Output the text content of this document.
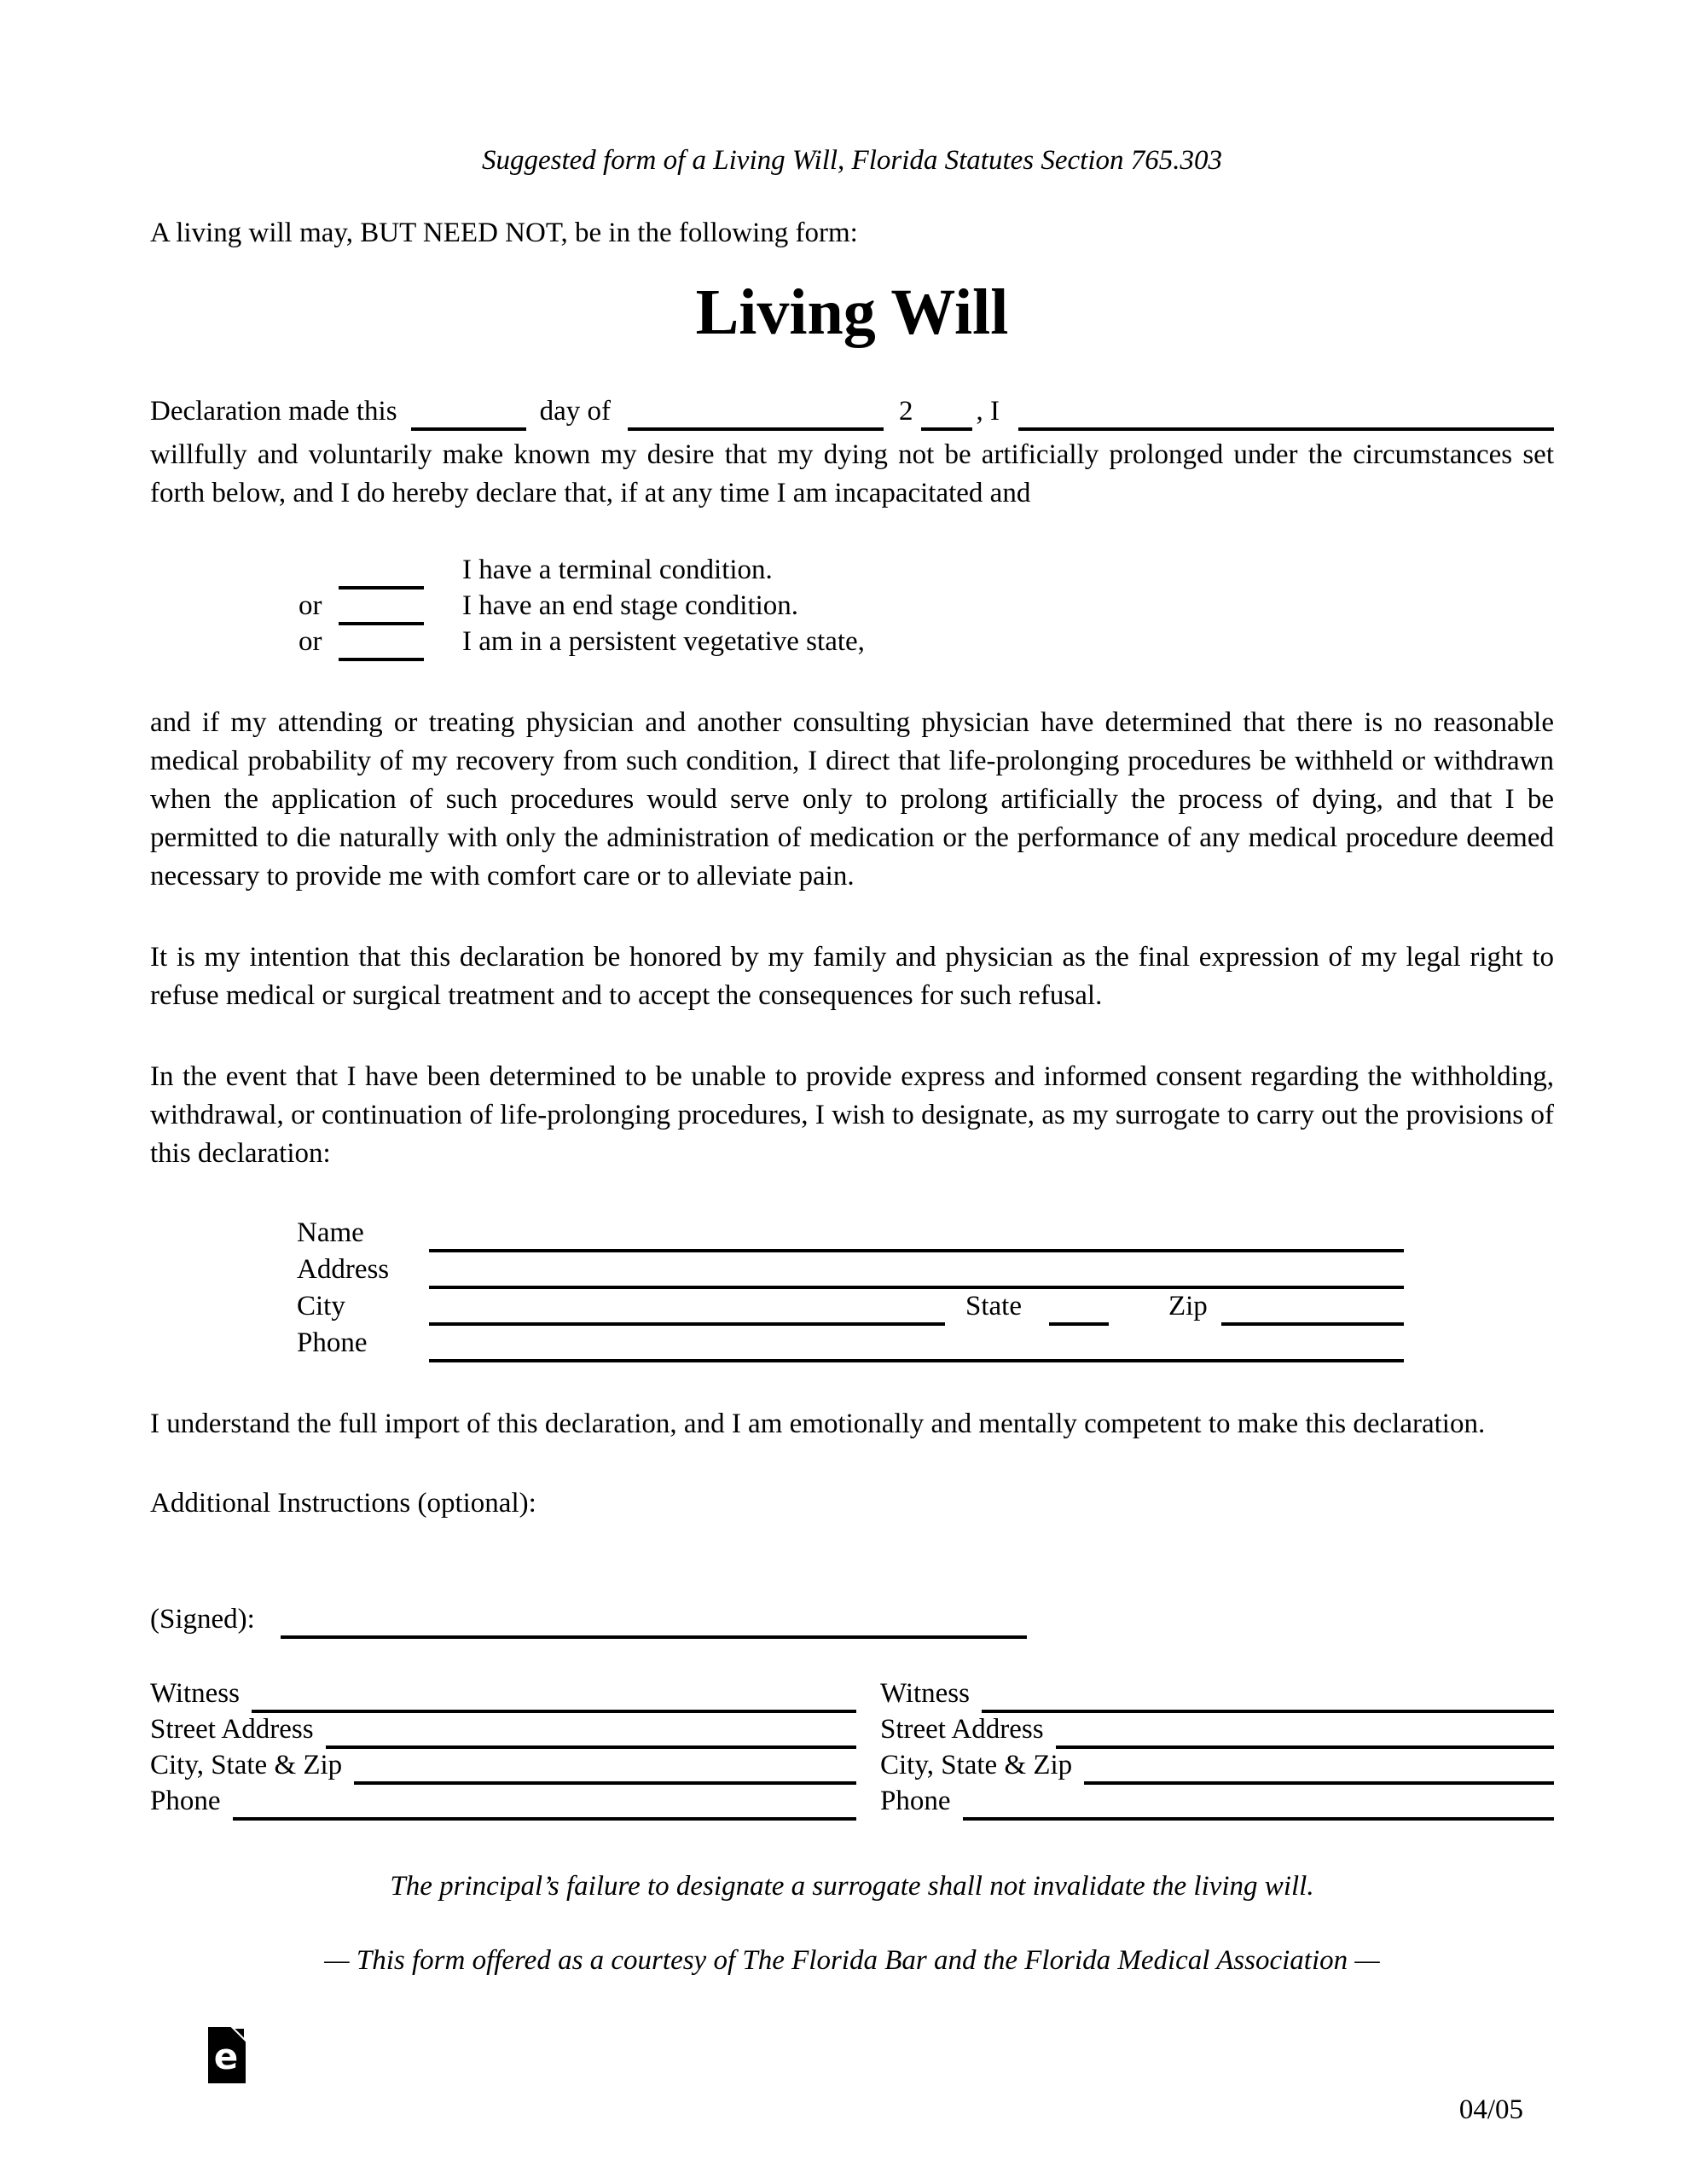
Suggested form of a Living Will, Florida Statutes Section 765.303
A living will may, BUT NEED NOT, be in the following form:
Living Will
Declaration made this	day of	2 , I

willfully and voluntarily make known my desire that my dying not be artificially prolonged under the circumstances set forth below, and I do hereby declare that, if at any time I am incapacitated and

I have a terminal condition.
or	I have an end stage condition.
or	I am in a persistent vegetative state,

and if my attending or treating physician and another consulting physician have determined that there is no reasonable medical probability of my recovery from such condition, I direct that life-prolonging procedures be withheld or withdrawn when the application of such procedures would serve only to prolong artificially the process of dying, and that I be permitted to die naturally with only the administration of medication or the performance of any medical procedure deemed necessary to provide me with comfort care or to alleviate pain.

It is my intention that this declaration be honored by my family and physician as the final expression of my legal right to refuse medical or surgical treatment and to accept the consequences for such refusal.

In the event that I have been determined to be unable to provide express and informed consent regarding the withholding, withdrawal, or continuation of life-prolonging procedures, I wish to designate, as my surrogate to carry out the provisions of this declaration:

Name
Address
City	State	Zip
Phone

I understand the full import of this declaration, and I am emotionally and mentally competent to make this declaration.

Additional Instructions (optional):
(Signed):
Witness
Street Address
City, State & Zip
Phone
Witness
Street Address
City, State & Zip
Phone
The principal’s failure to designate a surrogate shall not invalidate the living will.
— This form offered as a courtesy of The Florida Bar and the Florida Medical Association —
04/05
e
